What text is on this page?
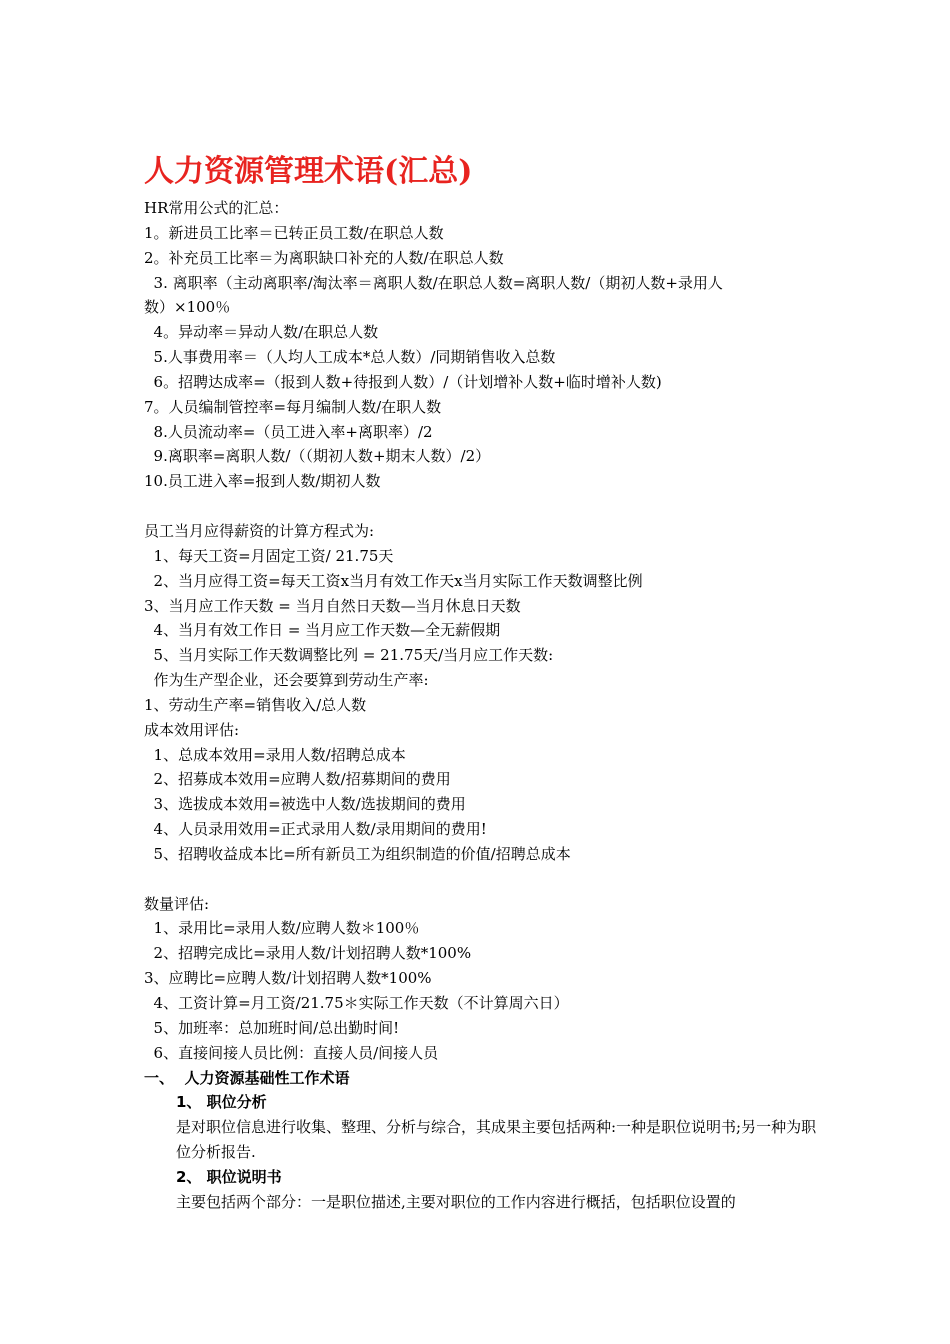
人力资源管理术语(汇总)
HR常用公式的汇总：
1。新进员工比率＝已转正员工数/在职总人数
2。补充员工比率＝为离职缺口补充的人数/在职总人数
3. 离职率（主动离职率/淘汰率＝离职人数/在职总人数=离职人数/（期初人数+录用人
数）×100％
4。异动率＝异动人数/在职总人数
5.人事费用率＝（人均人工成本*总人数）/同期销售收入总数
6。招聘达成率=（报到人数+待报到人数）/（计划增补人数+临时增补人数)
7。人员编制管控率=每月编制人数/在职人数
8.人员流动率=（员工进入率+离职率）/2
9.离职率=离职人数/（（期初人数+期末人数）/2）
10.员工进入率=报到人数/期初人数
员工当月应得薪资的计算方程式为:
1、每天工资=月固定工资/ 21.75天
2、当月应得工资=每天工资x当月有效工作天x当月实际工作天数调整比例
3、当月应工作天数 = 当月自然日天数—当月休息日天数
4、当月有效工作日 = 当月应工作天数—全无薪假期
5、当月实际工作天数调整比列 = 21.75天/当月应工作天数:
作为生产型企业，还会要算到劳动生产率:
1、劳动生产率=销售收入/总人数
成本效用评估:
1、总成本效用=录用人数/招聘总成本
2、招募成本效用=应聘人数/招募期间的费用
3、选拔成本效用=被选中人数/选拔期间的费用
4、人员录用效用=正式录用人数/录用期间的费用!
5、招聘收益成本比=所有新员工为组织制造的价值/招聘总成本
数量评估:
1、录用比=录用人数/应聘人数＊100％
2、招聘完成比=录用人数/计划招聘人数*100%
3、应聘比=应聘人数/计划招聘人数*100%
4、工资计算=月工资/21.75＊实际工作天数（不计算周六日）
5、加班率：总加班时间/总出勤时间!
6、直接间接人员比例：直接人员/间接人员
一、  人力资源基础性工作术语
1、 职位分析
是对职位信息进行收集、整理、分析与综合，其成果主要包括两种:一种是职位说明书;另一种为职位分析报告.
2、 职位说明书
主要包括两个部分：一是职位描述,主要对职位的工作内容进行概括，包括职位设置的
